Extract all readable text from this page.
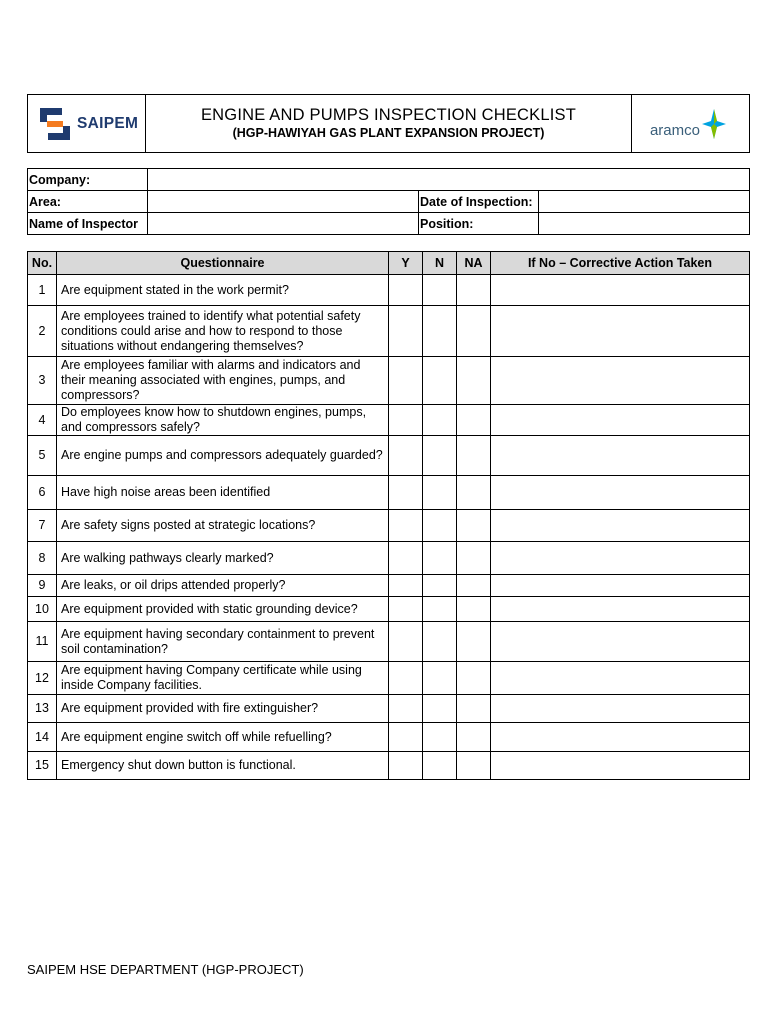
SAIPEM	ENGINE AND PUMPS INSPECTION CHECKLIST
(HGP-HAWIYAH GAS PLANT EXPANSION PROJECT)	aramco
Company:			
Area:		Date of Inspection:	
Name of Inspector		Position:	
No.	Questionnaire	Y	N	NA	If No – Corrective Action Taken
1	Are equipment stated in the work permit?				
2	Are employees trained to identify what potential safety conditions could arise and how to respond to those situations without endangering themselves?				
3	Are employees familiar with alarms and indicators and their meaning associated with engines, pumps, and compressors?				
4	Do employees know how to shutdown engines, pumps, and compressors safely?				
5	Are engine pumps and compressors adequately guarded?				
6	Have high noise areas been identified				
7	Are safety signs posted at strategic locations?				
8	Are walking pathways clearly marked?				
9	Are leaks, or oil drips attended properly?				
10	Are equipment provided with static grounding device?				
11	Are equipment having secondary containment to prevent soil contamination?				
12	Are equipment having Company certificate while using inside Company facilities.				
13	Are equipment provided with fire extinguisher?				
14	Are equipment engine switch off while refuelling?				
15	Emergency shut down button is functional.				
SAIPEM HSE DEPARTMENT (HGP-PROJECT)
